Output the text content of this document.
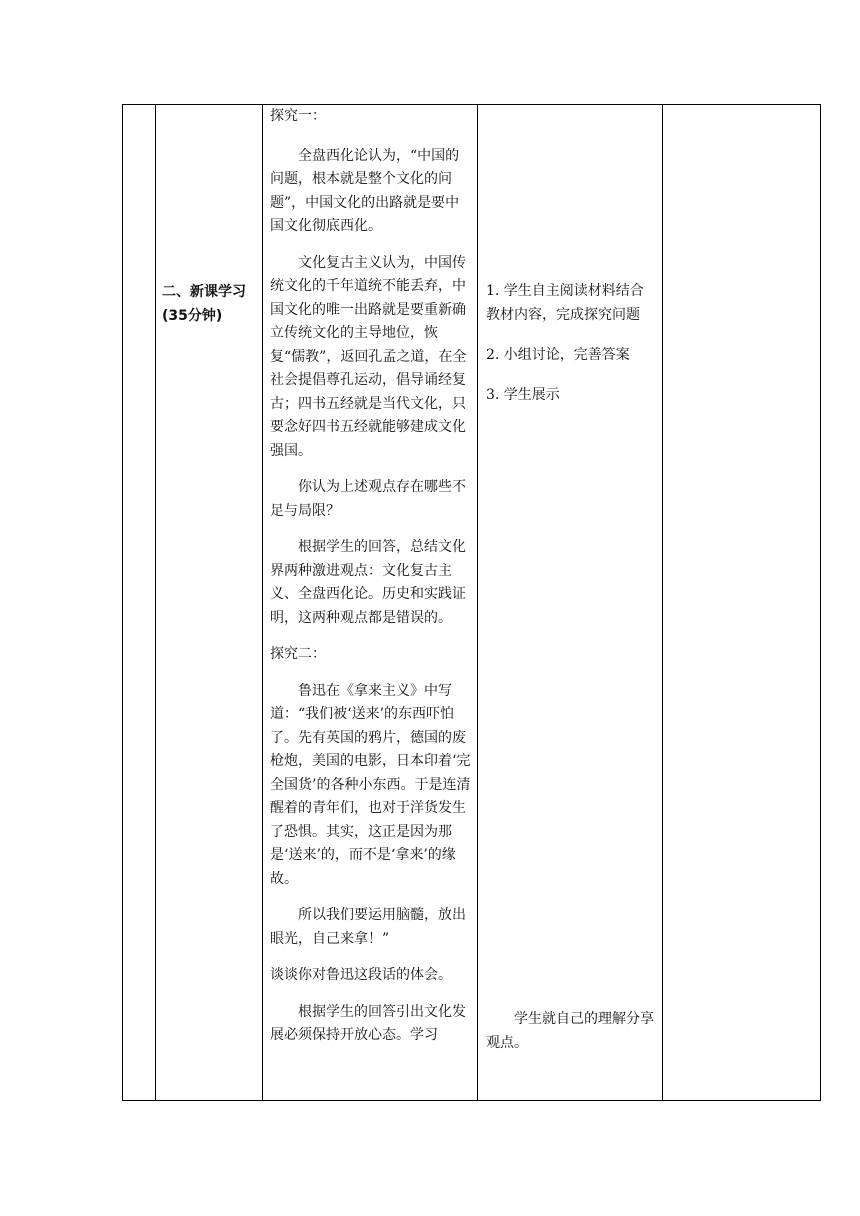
二、新课学习
(35分钟)

探究一：

全盘西化论认为，“中国的问题，根本就是整个文化的问题”，中国文化的出路就是要中国文化彻底西化。

文化复古主义认为，中国传统文化的千年道统不能丢弃，中国文化的唯一出路就是要重新确立传统文化的主导地位，恢复“儒教”，返回孔孟之道，在全社会提倡尊孔运动，倡导诵经复古；四书五经就是当代文化，只要念好四书五经就能够建成文化强国。

你认为上述观点存在哪些不足与局限？

根据学生的回答，总结文化界两种激进观点：文化复古主义、全盘西化论。历史和实践证明，这两种观点都是错误的。

探究二：

鲁迅在《拿来主义》中写道：“我们被‘送来’的东西吓怕了。先有英国的鸦片，德国的废枪炮，美国的电影，日本印着‘完全国货’的各种小东西。于是连清醒着的青年们，也对于洋货发生了恐惧。其实，这正是因为那是‘送来’的，而不是‘拿来’的缘故。

所以我们要运用脑髓，放出眼光，自己来拿！”

谈谈你对鲁迅这段话的体会。

根据学生的回答引出文化发展必须保持开放心态。学习

1. 学生自主阅读材料结合教材内容，完成探究问题

2. 小组讨论，完善答案

3. 学生展示

学生就自己的理解分享观点。
